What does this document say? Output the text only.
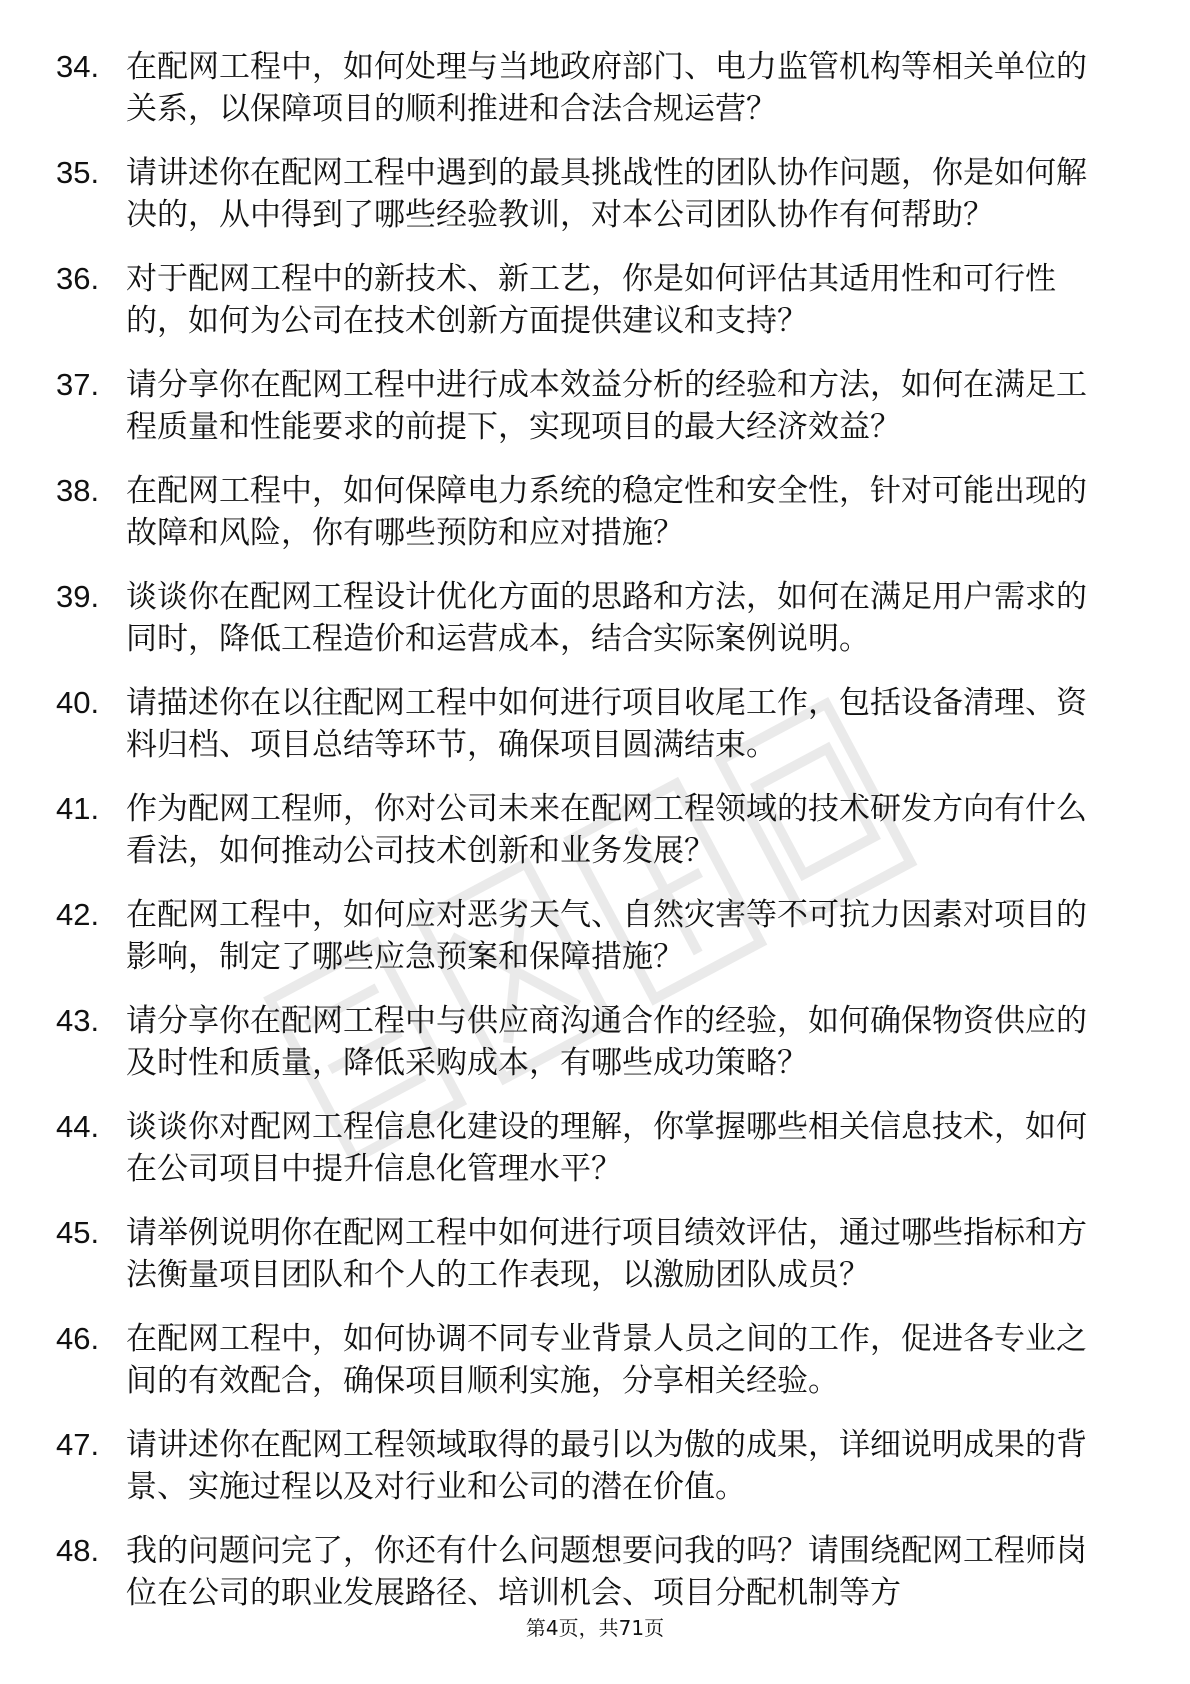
34. 在配网工程中，如何处理与当地政府部门、电力监管机构等相关单位的关系，以保障项目的顺利推进和合法合规运营？
35. 请讲述你在配网工程中遇到的最具挑战性的团队协作问题，你是如何解决的，从中得到了哪些经验教训，对本公司团队协作有何帮助？
36. 对于配网工程中的新技术、新工艺，你是如何评估其适用性和可行性的，如何为公司在技术创新方面提供建议和支持？
37. 请分享你在配网工程中进行成本效益分析的经验和方法，如何在满足工程质量和性能要求的前提下，实现项目的最大经济效益？
38. 在配网工程中，如何保障电力系统的稳定性和安全性，针对可能出现的故障和风险，你有哪些预防和应对措施？
39. 谈谈你在配网工程设计优化方面的思路和方法，如何在满足用户需求的同时，降低工程造价和运营成本，结合实际案例说明。
40. 请描述你在以往配网工程中如何进行项目收尾工作，包括设备清理、资料归档、项目总结等环节，确保项目圆满结束。
41. 作为配网工程师，你对公司未来在配网工程领域的技术研发方向有什么看法，如何推动公司技术创新和业务发展？
42. 在配网工程中，如何应对恶劣天气、自然灾害等不可抗力因素对项目的影响，制定了哪些应急预案和保障措施？
43. 请分享你在配网工程中与供应商沟通合作的经验，如何确保物资供应的及时性和质量，降低采购成本，有哪些成功策略？
44. 谈谈你对配网工程信息化建设的理解，你掌握哪些相关信息技术，如何在公司项目中提升信息化管理水平？
45. 请举例说明你在配网工程中如何进行项目绩效评估，通过哪些指标和方法衡量项目团队和个人的工作表现，以激励团队成员？
46. 在配网工程中，如何协调不同专业背景人员之间的工作，促进各专业之间的有效配合，确保项目顺利实施，分享相关经验。
47. 请讲述你在配网工程领域取得的最引以为傲的成果，详细说明成果的背景、实施过程以及对行业和公司的潜在价值。
48. 我的问题问完了，你还有什么问题想要问我的吗？请围绕配网工程师岗位在公司的职业发展路径、培训机会、项目分配机制等方
第4页，共71页
